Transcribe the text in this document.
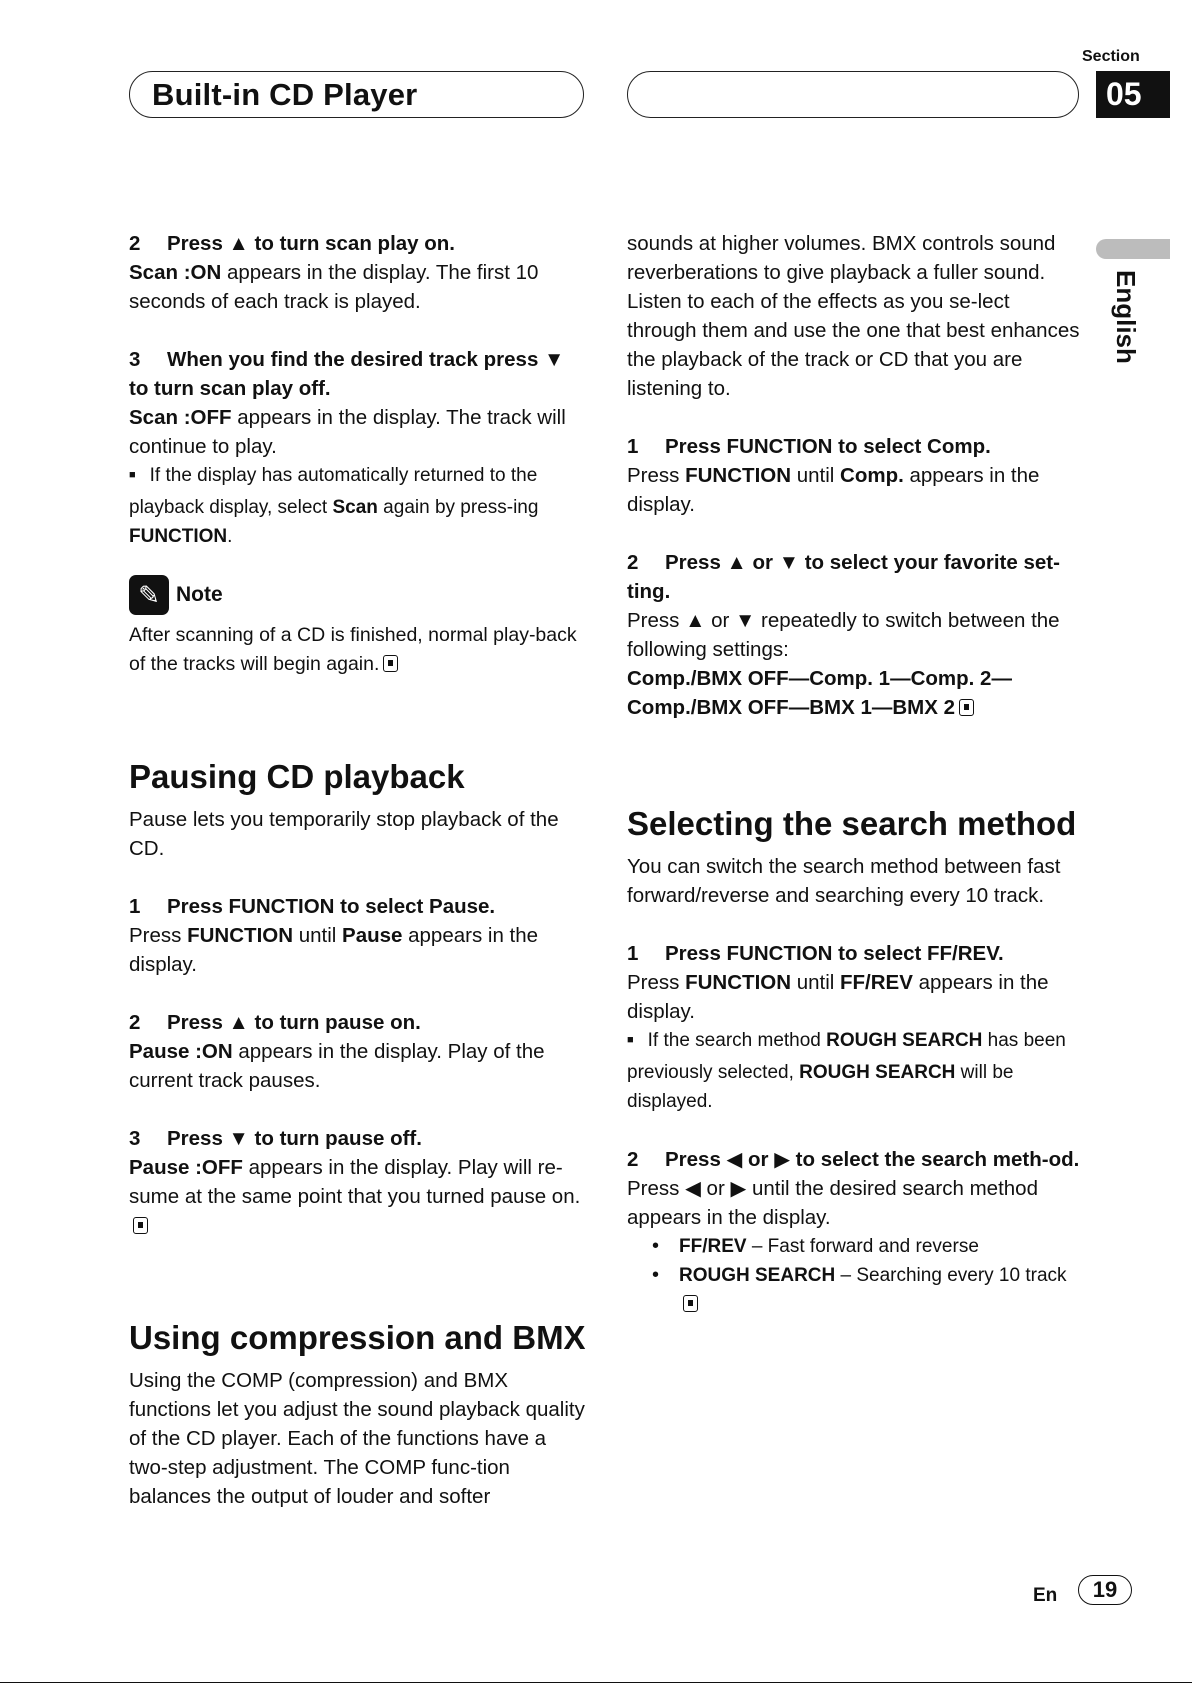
Built-in CD Player
Section
05
English

2 Press ▲ to turn scan play on.

Scan :ON appears in the display. The first 10 seconds of each track is played.

3 When you find the desired track press ▼ to turn scan play off.

Scan :OFF appears in the display. The track will continue to play.

■ If the display has automatically returned to the playback display, select Scan again by press-ing FUNCTION.

✎ Note

After scanning of a CD is finished, normal play-back of the tracks will begin again.

Pausing CD playback

Pause lets you temporarily stop playback of the CD.

1 Press FUNCTION to select Pause.

Press FUNCTION until Pause appears in the display.

2 Press ▲ to turn pause on.

Pause :ON appears in the display. Play of the current track pauses.

3 Press ▼ to turn pause off.

Pause :OFF appears in the display. Play will re-sume at the same point that you turned pause on.

Using compression and BMX

Using the COMP (compression) and BMX functions let you adjust the sound playback quality of the CD player. Each of the functions have a two-step adjustment. The COMP func-tion balances the output of louder and softer

sounds at higher volumes. BMX controls sound reverberations to give playback a fuller sound. Listen to each of the effects as you se-lect through them and use the one that best enhances the playback of the track or CD that you are listening to.

1 Press FUNCTION to select Comp.

Press FUNCTION until Comp. appears in the display.

2 Press ▲ or ▼ to select your favorite set-ting.

Press ▲ or ▼ repeatedly to switch between the following settings:

Comp./BMX OFF—Comp. 1—Comp. 2—

Comp./BMX OFF—BMX 1—BMX 2

Selecting the search method

You can switch the search method between fast forward/reverse and searching every 10 track.

1 Press FUNCTION to select FF/REV.

Press FUNCTION until FF/REV appears in the display.

■ If the search method ROUGH SEARCH has been previously selected, ROUGH SEARCH will be displayed.

2 Press ◀ or ▶ to select the search meth-od.

Press ◀ or ▶ until the desired search method appears in the display.

• FF/REV – Fast forward and reverse
• ROUGH SEARCH – Searching every 10 track
En	19
